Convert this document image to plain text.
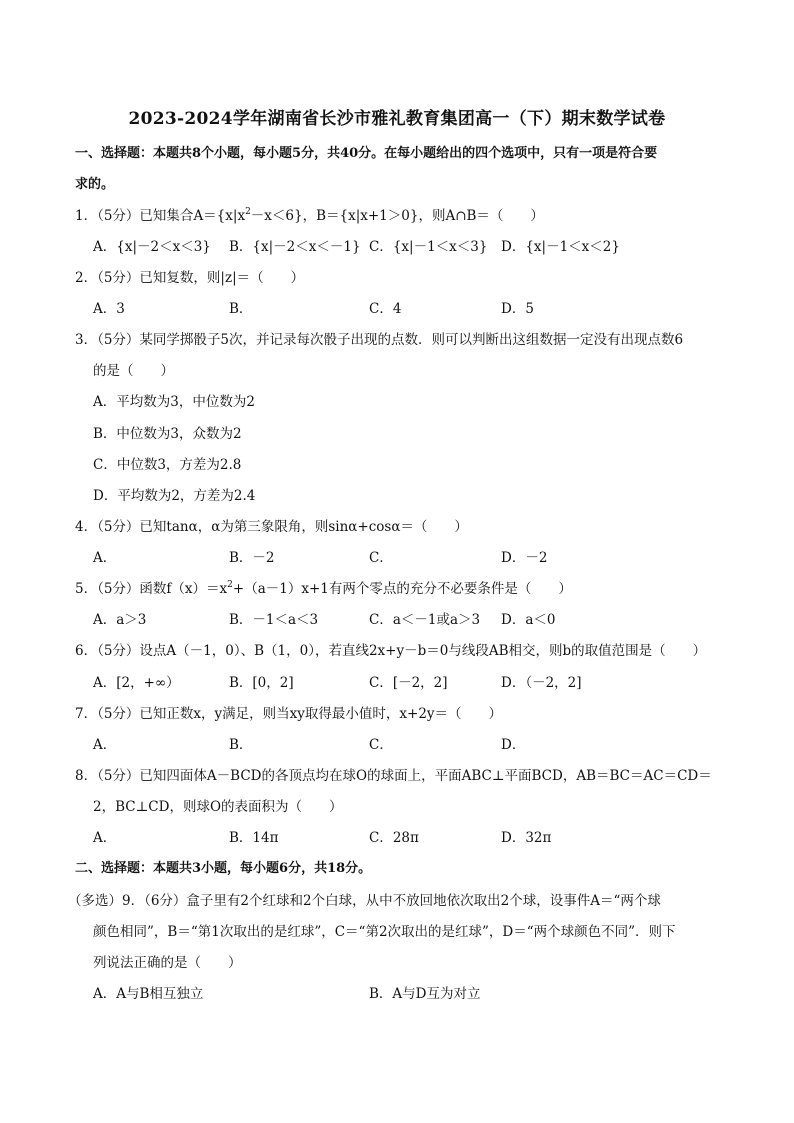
2023-2024学年湖南省长沙市雅礼教育集团高一（下）期末数学试卷
一、选择题：本题共8个小题，每小题5分，共40分。在每小题给出的四个选项中，只有一项是符合要
求的。
1．（5分）已知集合$A=\{x|x^2-x<6\}$，B＝{x|x+1＞0}，则A∩B＝（　　）
A．{x|－2＜x＜3} B．{x|－2＜x＜－1} C．{x|－1＜x＜3} D．{x|－1＜x＜2}
2．（5分）已知复数，则|z|＝（　　）
A．3	B．	C．4	D．5
3．（5分）某同学掷骰子5次，并记录每次骰子出现的点数．则可以判断出这组数据一定没有出现点数6
的是（　　）
A．平均数为3，中位数为2
B．中位数为3，众数为2
C．中位数3，方差为2.8
D．平均数为2，方差为2.4
4．（5分）已知tanα，α为第三象限角，则sinα+cosα＝（　　）
A．	B．－2	C．	D．－2
5．（5分）函数$f(x)=x^2+(a-1)x+1$有两个零点的充分不必要条件是（　　）
A．a＞3	B．－1＜a＜3	C．a＜－1或a＞3 D．a＜0
6．（5分）设点A（－1，0）、B（1，0），若直线2x+y－b＝0与线段AB相交，则b的取值范围是（　　）
A．[2，+∞）	B．[0，2]	C．[－2，2]	D．（－2，2]
7．（5分）已知正数x，y满足，则当xy取得最小值时，x+2y＝（　　）
A．	B．	C．	D．
8．（5分）已知四面体A－BCD的各顶点均在球O的球面上，平面ABC⊥平面BCD，AB＝BC＝AC＝CD＝
2，BC⊥CD，则球O的表面积为（　　）
A．	B．14π	C．28π	D．32π
二、选择题：本题共3小题，每小题6分，共18分。
（多选）9．（6分）盒子里有2个红球和2个白球，从中不放回地依次取出2个球，设事件A＝“两个球
颜色相同”，B＝“第1次取出的是红球”，C＝“第2次取出的是红球”，D＝“两个球颜色不同”．则下
列说法正确的是（　　）
A．A与B相互独立	B．A与D互为对立
